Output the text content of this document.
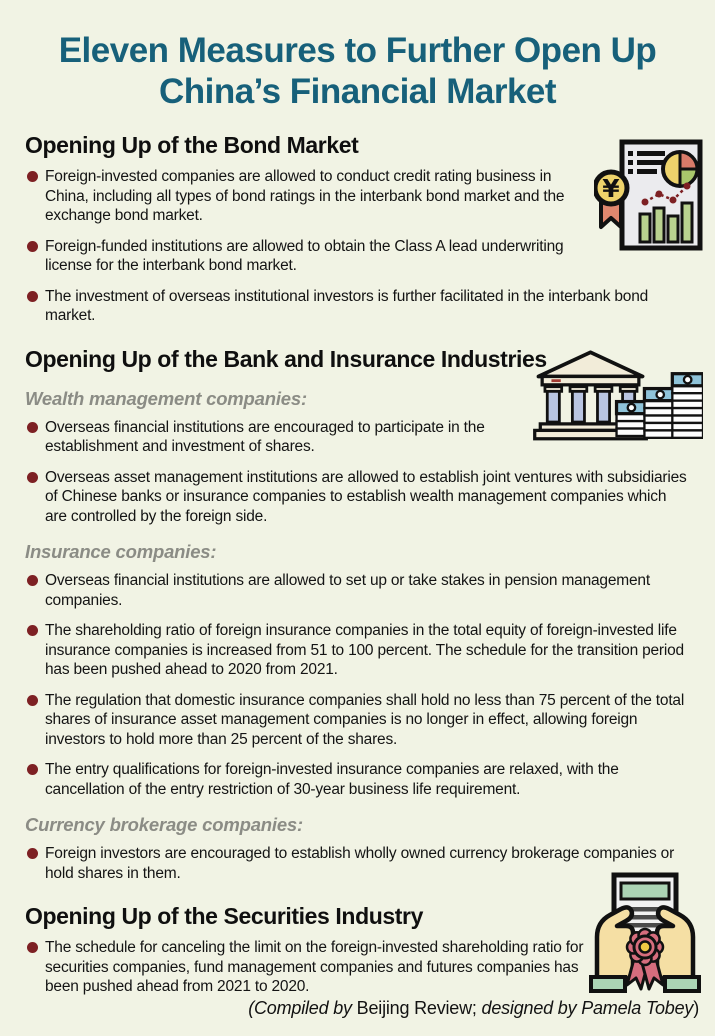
Eleven Measures to Further Open Up
China’s Financial Market
Opening Up of the Bond Market

Foreign-invested companies are allowed to conduct credit rating business in China, including all types of bond ratings in the interbank bond market and the exchange bond market.

Foreign-funded institutions are allowed to obtain the Class A lead underwriting license for the interbank bond market.

The investment of overseas institutional investors is further facilitated in the interbank bond market.

Opening Up of the Bank and Insurance Industries
Wealth management companies:

Overseas financial institutions are encouraged to participate in the establishment and investment of shares.

Overseas asset management institutions are allowed to establish joint ventures with subsidiaries of Chinese banks or insurance companies to establish wealth management companies which are controlled by the foreign side.

Insurance companies:

Overseas financial institutions are allowed to set up or take stakes in pension management companies.

The shareholding ratio of foreign insurance companies in the total equity of foreign-invested life insurance companies is increased from 51 to 100 percent. The schedule for the transition period has been pushed ahead to 2020 from 2021.

The regulation that domestic insurance companies shall hold no less than 75 percent of the total shares of insurance asset management companies is no longer in effect, allowing foreign investors to hold more than 25 percent of the shares.

The entry qualifications for foreign-invested insurance companies are relaxed, with the cancellation of the entry restriction of 30-year business life requirement.

Currency brokerage companies:

Foreign investors are encouraged to establish wholly owned currency brokerage companies or hold shares in them.

Opening Up of the Securities Industry

The schedule for canceling the limit on the foreign-invested shareholding ratio for securities companies, fund management companies and futures companies has been pushed ahead from 2021 to 2020.

¥
(Compiled by Beijing Review; designed by Pamela Tobey)
